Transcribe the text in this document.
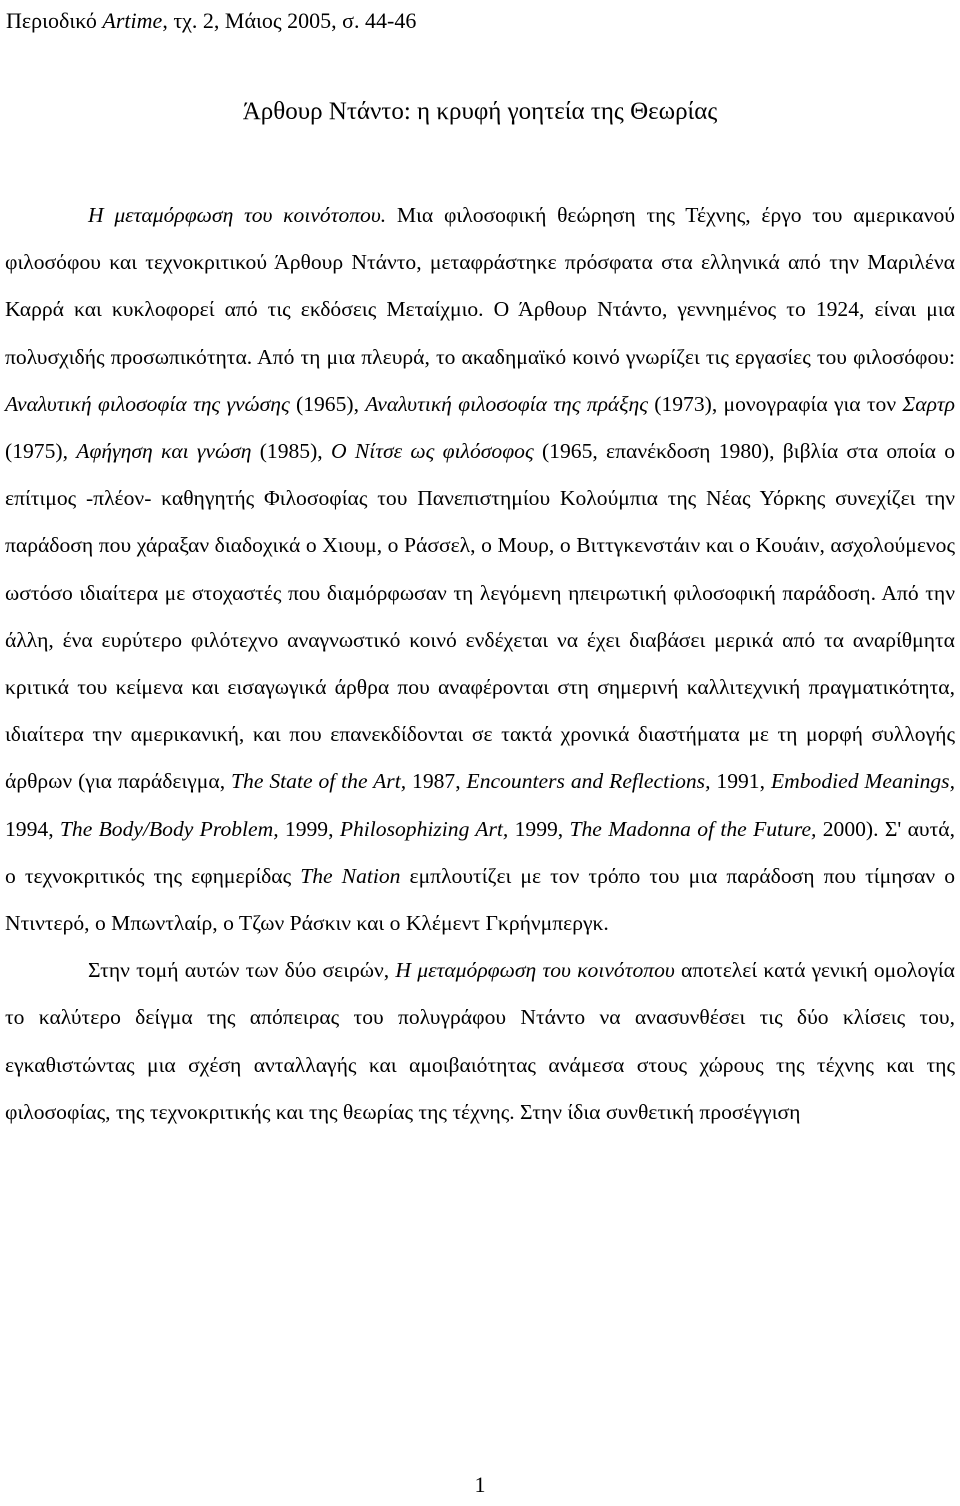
Περιοδικό Artime, τχ. 2, Μάιος 2005, σ. 44-46
Άρθουρ Ντάντο: η κρυφή γοητεία της Θεωρίας

Η μεταμόρφωση του κοινότοπου. Μια φιλοσοφική θεώρηση της Τέχνης, έργο του αμερικανού φιλοσόφου και τεχνοκριτικού Άρθουρ Ντάντο, μεταφράστηκε πρόσφατα στα ελληνικά από την Μαριλένα Καρρά και κυκλοφορεί από τις εκδόσεις Μεταίχμιο. Ο Άρθουρ Ντάντο, γεννημένος το 1924, είναι μια πολυσχιδής προσωπικότητα. Από τη μια πλευρά, το ακαδημαϊκό κοινό γνωρίζει τις εργασίες του φιλοσόφου: Αναλυτική φιλοσοφία της γνώσης (1965), Αναλυτική φιλοσοφία της πράξης (1973), μονογραφία για τον Σαρτρ (1975), Αφήγηση και γνώση (1985), Ο Νίτσε ως φιλόσοφος (1965, επανέκδοση 1980), βιβλία στα οποία ο επίτιμος -πλέον- καθηγητής Φιλοσοφίας του Πανεπιστημίου Κολούμπια της Νέας Υόρκης συνεχίζει την παράδοση που χάραξαν διαδοχικά ο Χιουμ, ο Ράσσελ, ο Μουρ, ο Βιττγκενστάιν και ο Κουάιν, ασχολούμενος ωστόσο ιδιαίτερα με στοχαστές που διαμόρφωσαν τη λεγόμενη ηπειρωτική φιλοσοφική παράδοση. Από την άλλη, ένα ευρύτερο φιλότεχνο αναγνωστικό κοινό ενδέχεται να έχει διαβάσει μερικά από τα αναρίθμητα κριτικά του κείμενα και εισαγωγικά άρθρα που αναφέρονται στη σημερινή καλλιτεχνική πραγματικότητα, ιδιαίτερα την αμερικανική, και που επανεκδίδονται σε τακτά χρονικά διαστήματα με τη μορφή συλλογής άρθρων (για παράδειγμα, The State of the Art, 1987, Encounters and Reflections, 1991, Embodied Meanings, 1994, The Body/Body Problem, 1999, Philosophizing Art, 1999, The Madonna of the Future, 2000). Σ' αυτά, ο τεχνοκριτικός της εφημερίδας The Nation εμπλουτίζει με τον τρόπο του μια παράδοση που τίμησαν ο Ντιντερό, ο Μπωντλαίρ, ο Τζων Ράσκιν και ο Κλέμεντ Γκρήνμπεργκ.

Στην τομή αυτών των δύο σειρών, Η μεταμόρφωση του κοινότοπου αποτελεί κατά γενική ομολογία το καλύτερο δείγμα της απόπειρας του πολυγράφου Ντάντο να ανασυνθέσει τις δύο κλίσεις του, εγκαθιστώντας μια σχέση ανταλλαγής και αμοιβαιότητας ανάμεσα στους χώρους της τέχνης και της φιλοσοφίας, της τεχνοκριτικής και της θεωρίας της τέχνης. Στην ίδια συνθετική προσέγγιση

1
